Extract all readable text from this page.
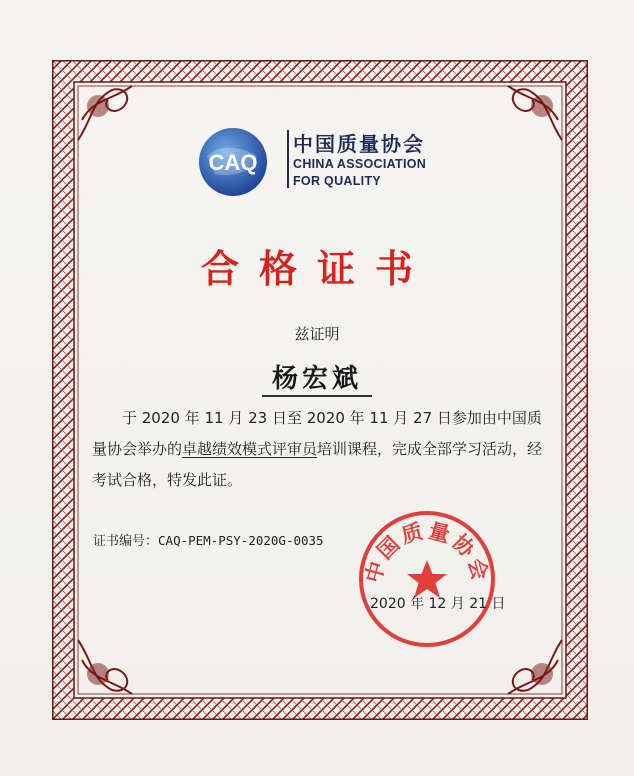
CAQ
中国质量协会
CHINA ASSOCIATION
FOR QUALITY
合格证书
兹证明
杨宏斌
于 2020 年 11 月 23 日至 2020 年 11 月 27 日参加由中国质量协会举办的卓越绩效模式评审员培训课程，完成全部学习活动，经考试合格，特发此证。
证书编号：CAQ-PEM-PSY-2020G-0035
中国质量协会
2020 年 12 月 21 日
